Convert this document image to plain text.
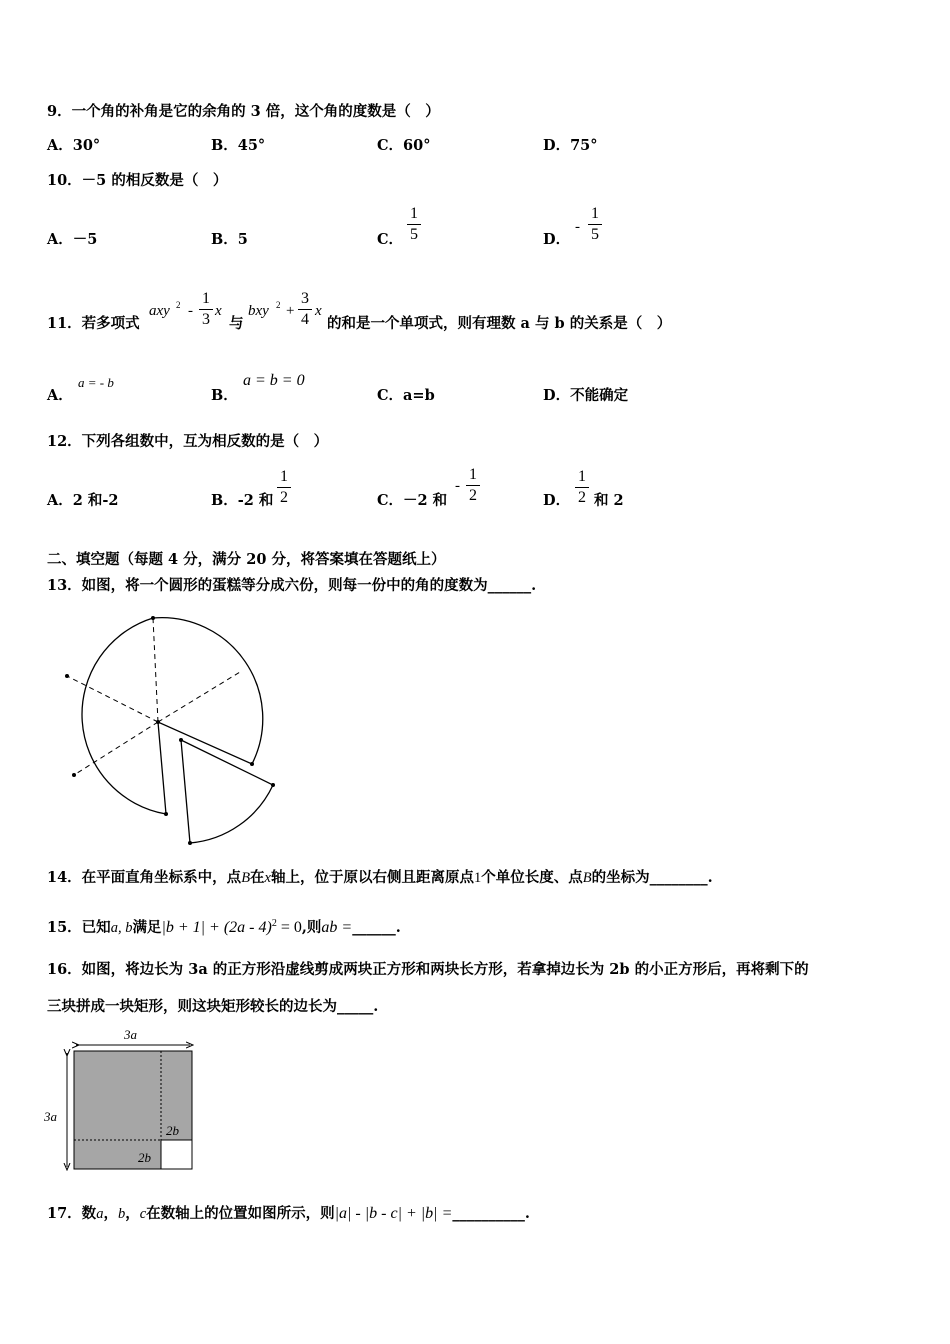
9．一个角的补角是它的余角的 3 倍，这个角的度数是（　）
A．30°	B．45°	C．60°	D．75°
10．－5 的相反数是（　）
A．－5	B．5	C．
1
5	D．
-
1
5
11．若多项式
axy 2 -
1
3 x
与
bxy 2 +
3
4 x
的和是一个单项式，则有理数 a 与 b 的关系是（　）
A．
a = - b
B．
a = b = 0
C．a=b	D．不能确定
12．下列各组数中，互为相反数的是（　）
A．2 和-2	B．-2 和
1
2	C．－2 和
-
1
2	D．
1
2 和 2
二、填空题（每题 4 分，满分 20 分，将答案填在答题纸上）
13．如图，将一个圆形的蛋糕等分成六份，则每一份中的角的度数为______.
14．在平面直角坐标系中，点B在x轴上，位于原以右侧且距离原点1个单位长度、点B的坐标为________.
15．已知a, b满足|b + 1| + (2a - 4)$^2$ = 0,则ab =______.
16．如图，将边长为 3a 的正方形沿虚线剪成两块正方形和两块长方形，若拿掉边长为 2b 的小正方形后，再将剩下的
三块拼成一块矩形，则这块矩形较长的边长为_____.
3a
3a
2b
2b
17．数a，b，c在数轴上的位置如图所示，则|a| - |b - c| + |b| =__________.
